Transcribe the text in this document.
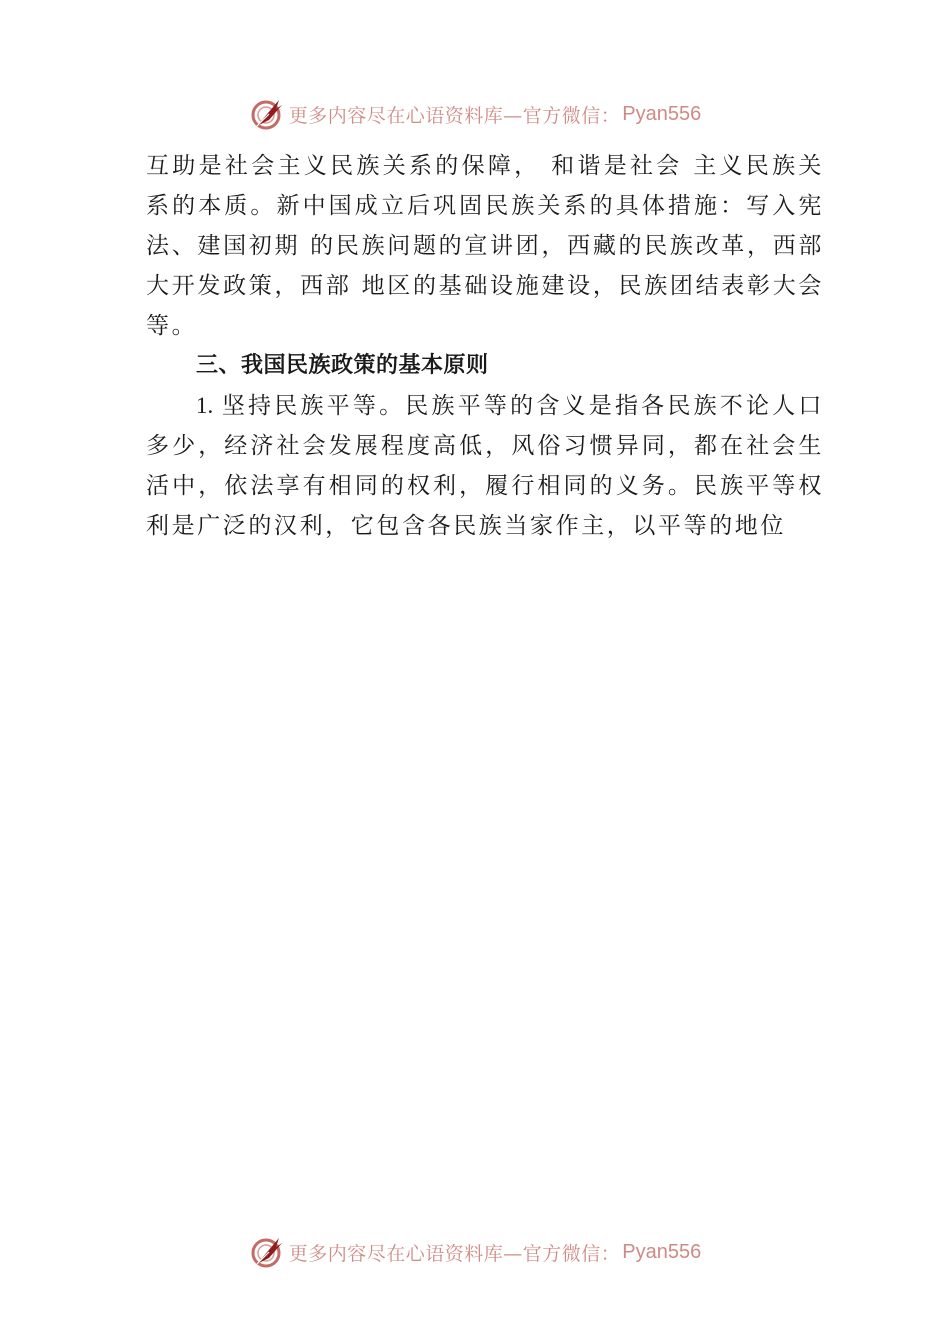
更多内容尽在心语资料库—官方微信： Pyan556

互助是社会主义民族关系的保障， 和谐是社会 主义民族关系的本质。新中国成立后巩固民族关系的具体措施：写入宪法、建国初期 的民族问题的宣讲团，西藏的民族改革，西部大开发政策，西部 地区的基础设施建设，民族团结表彰大会等。

三、我国民族政策的基本原则

1. 坚持民族平等。民族平等的含义是指各民族不论人口多少，经济社会发展程度高低，风俗习惯异同，都在社会生活中，依法享有相同的权利，履行相同的义务。民族平等权利是广泛的汉利，它包含各民族当家作主，以平等的地位

更多内容尽在心语资料库—官方微信： Pyan556
